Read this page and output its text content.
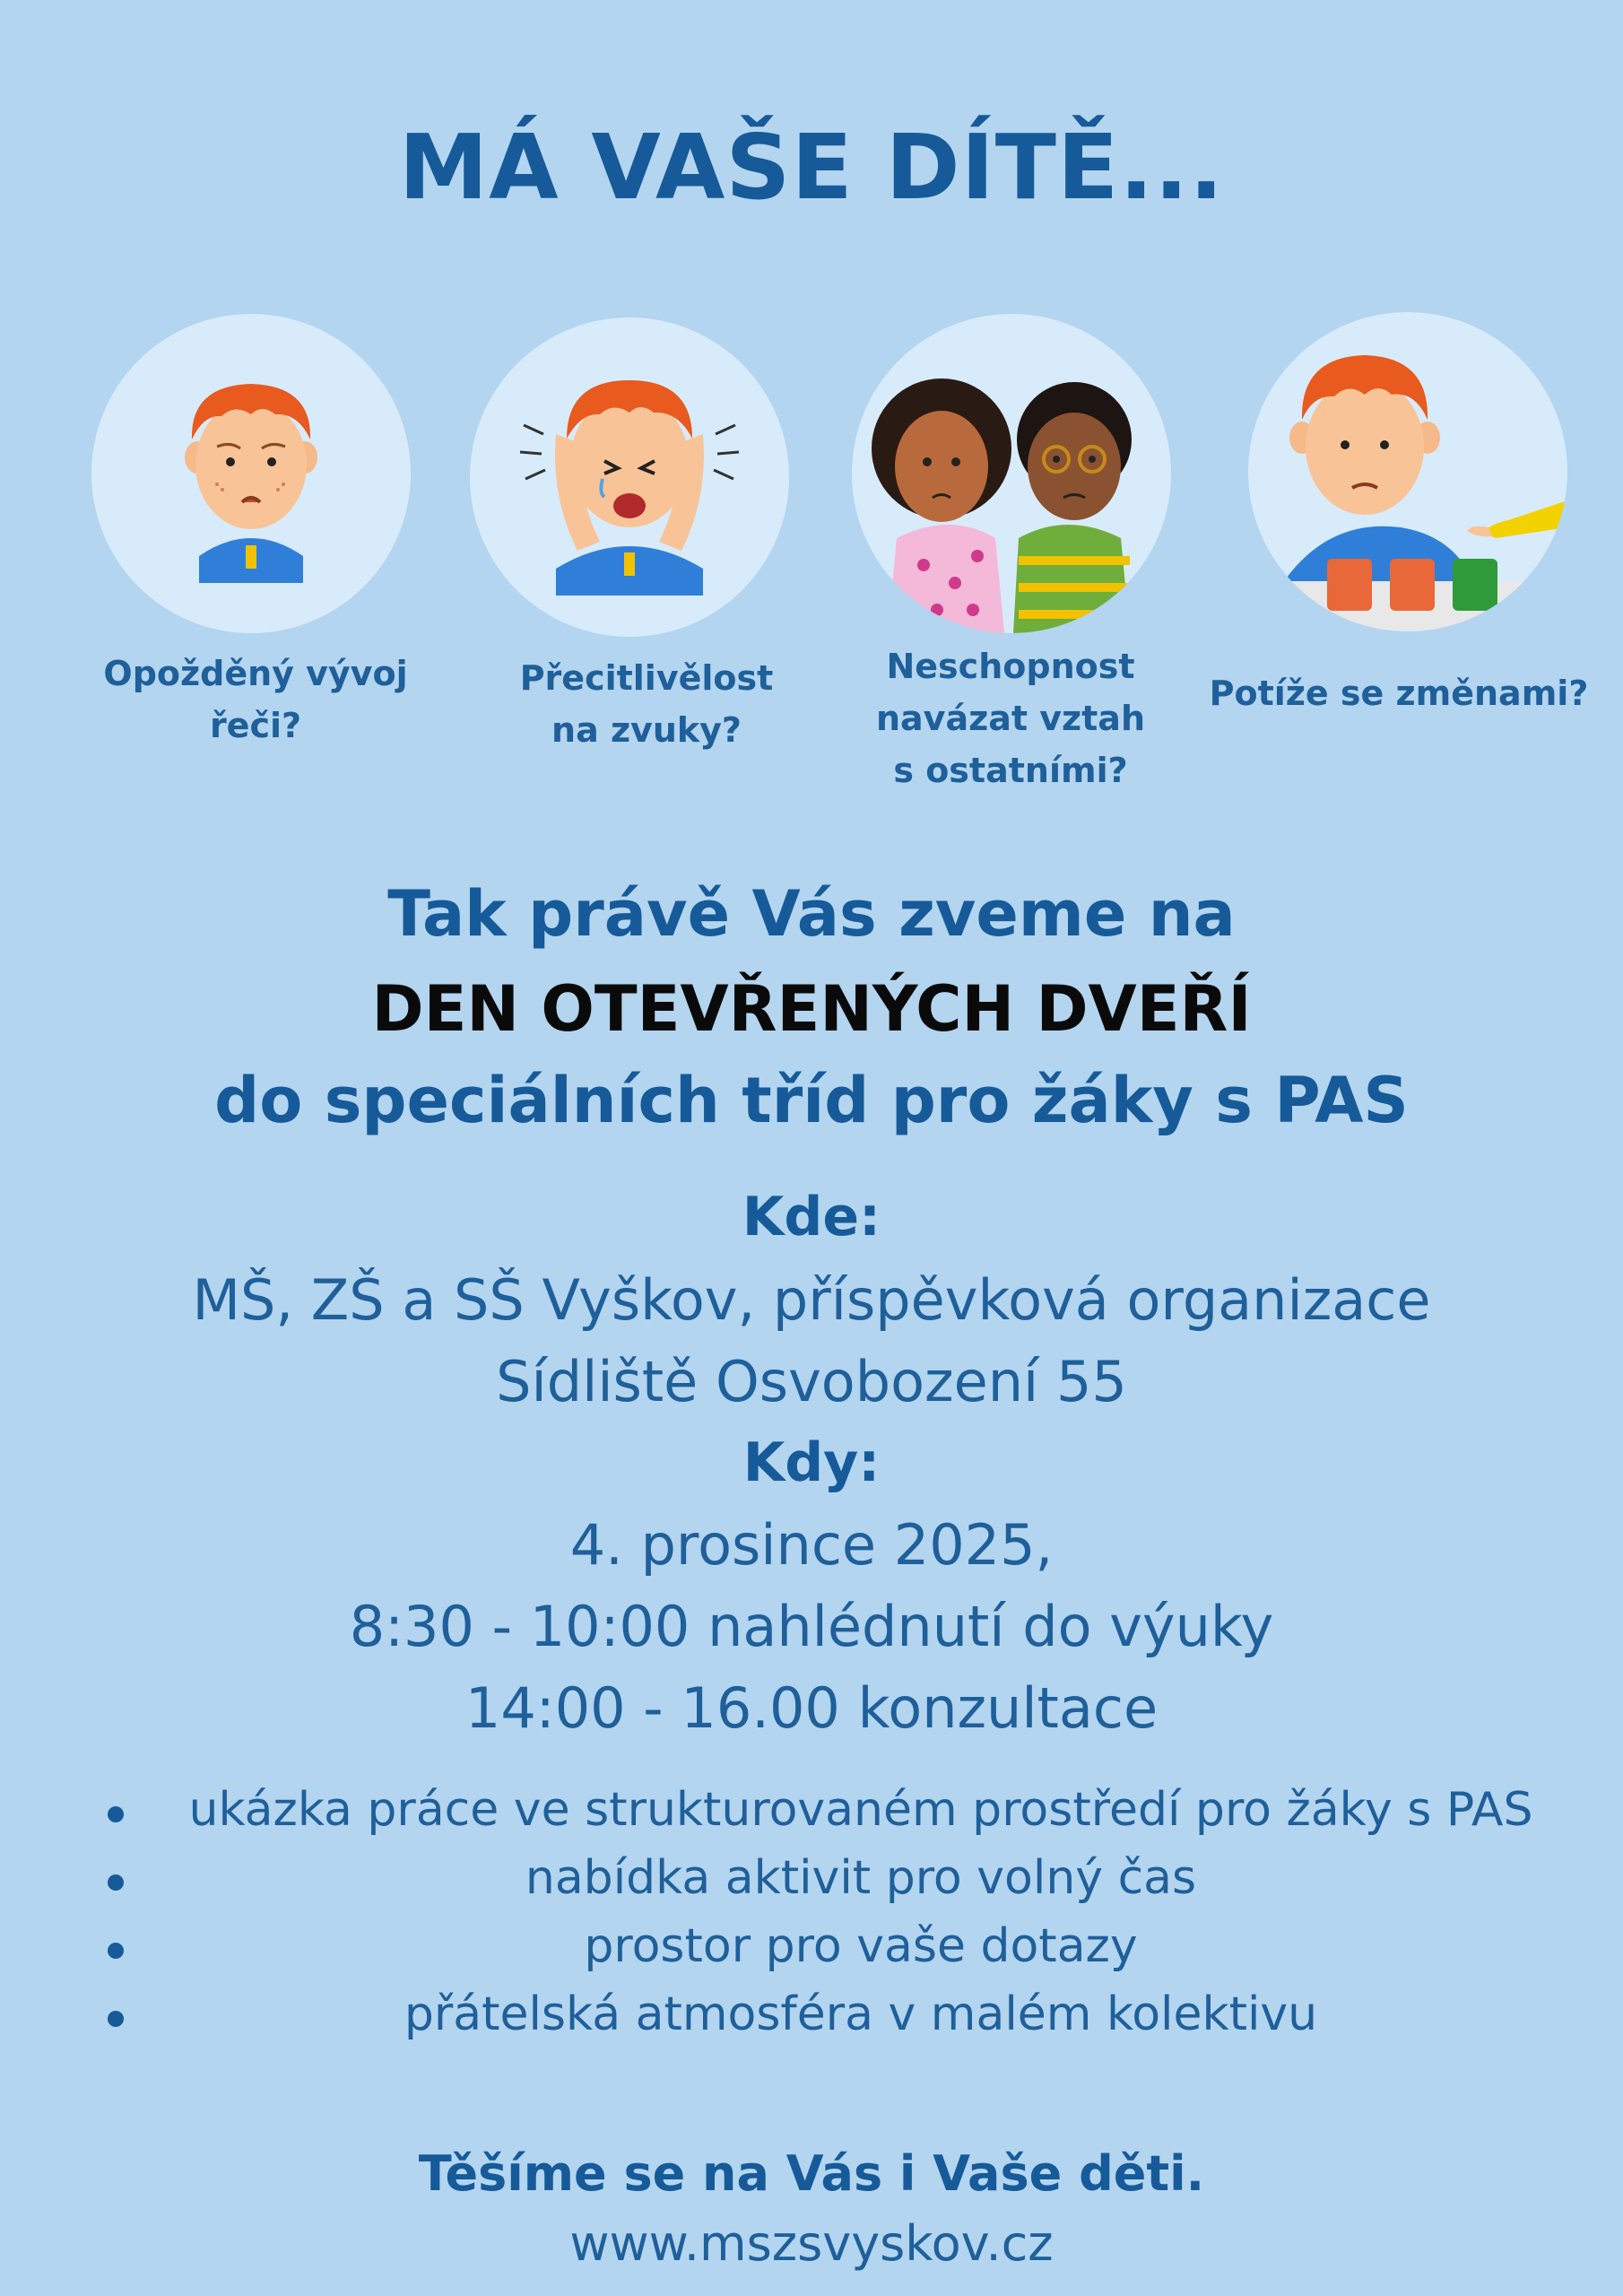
MÁ VAŠE DÍTĚ...
Opožděný vývoj
řeči?
Přecitlivělost
na zvuky?
Neschopnost
navázat vztah
s ostatními?
Potíže se změnami?
Tak právě Vás zveme na
DEN OTEVŘENÝCH DVEŘÍ
do speciálních tříd pro žáky s PAS
Kde:
MŠ, ZŠ a SŠ Vyškov, příspěvková organizace
Sídliště Osvobození 55
Kdy:
4. prosince 2025,
8:30 - 10:00 nahlédnutí do výuky
14:00 - 16.00 konzultace
ukázka práce ve strukturovaném prostředí pro žáky s PAS
nabídka aktivit pro volný čas
prostor pro vaše dotazy
přátelská atmosféra v malém kolektivu
Těšíme se na Vás i Vaše děti.
www.mszsvyskov.cz
